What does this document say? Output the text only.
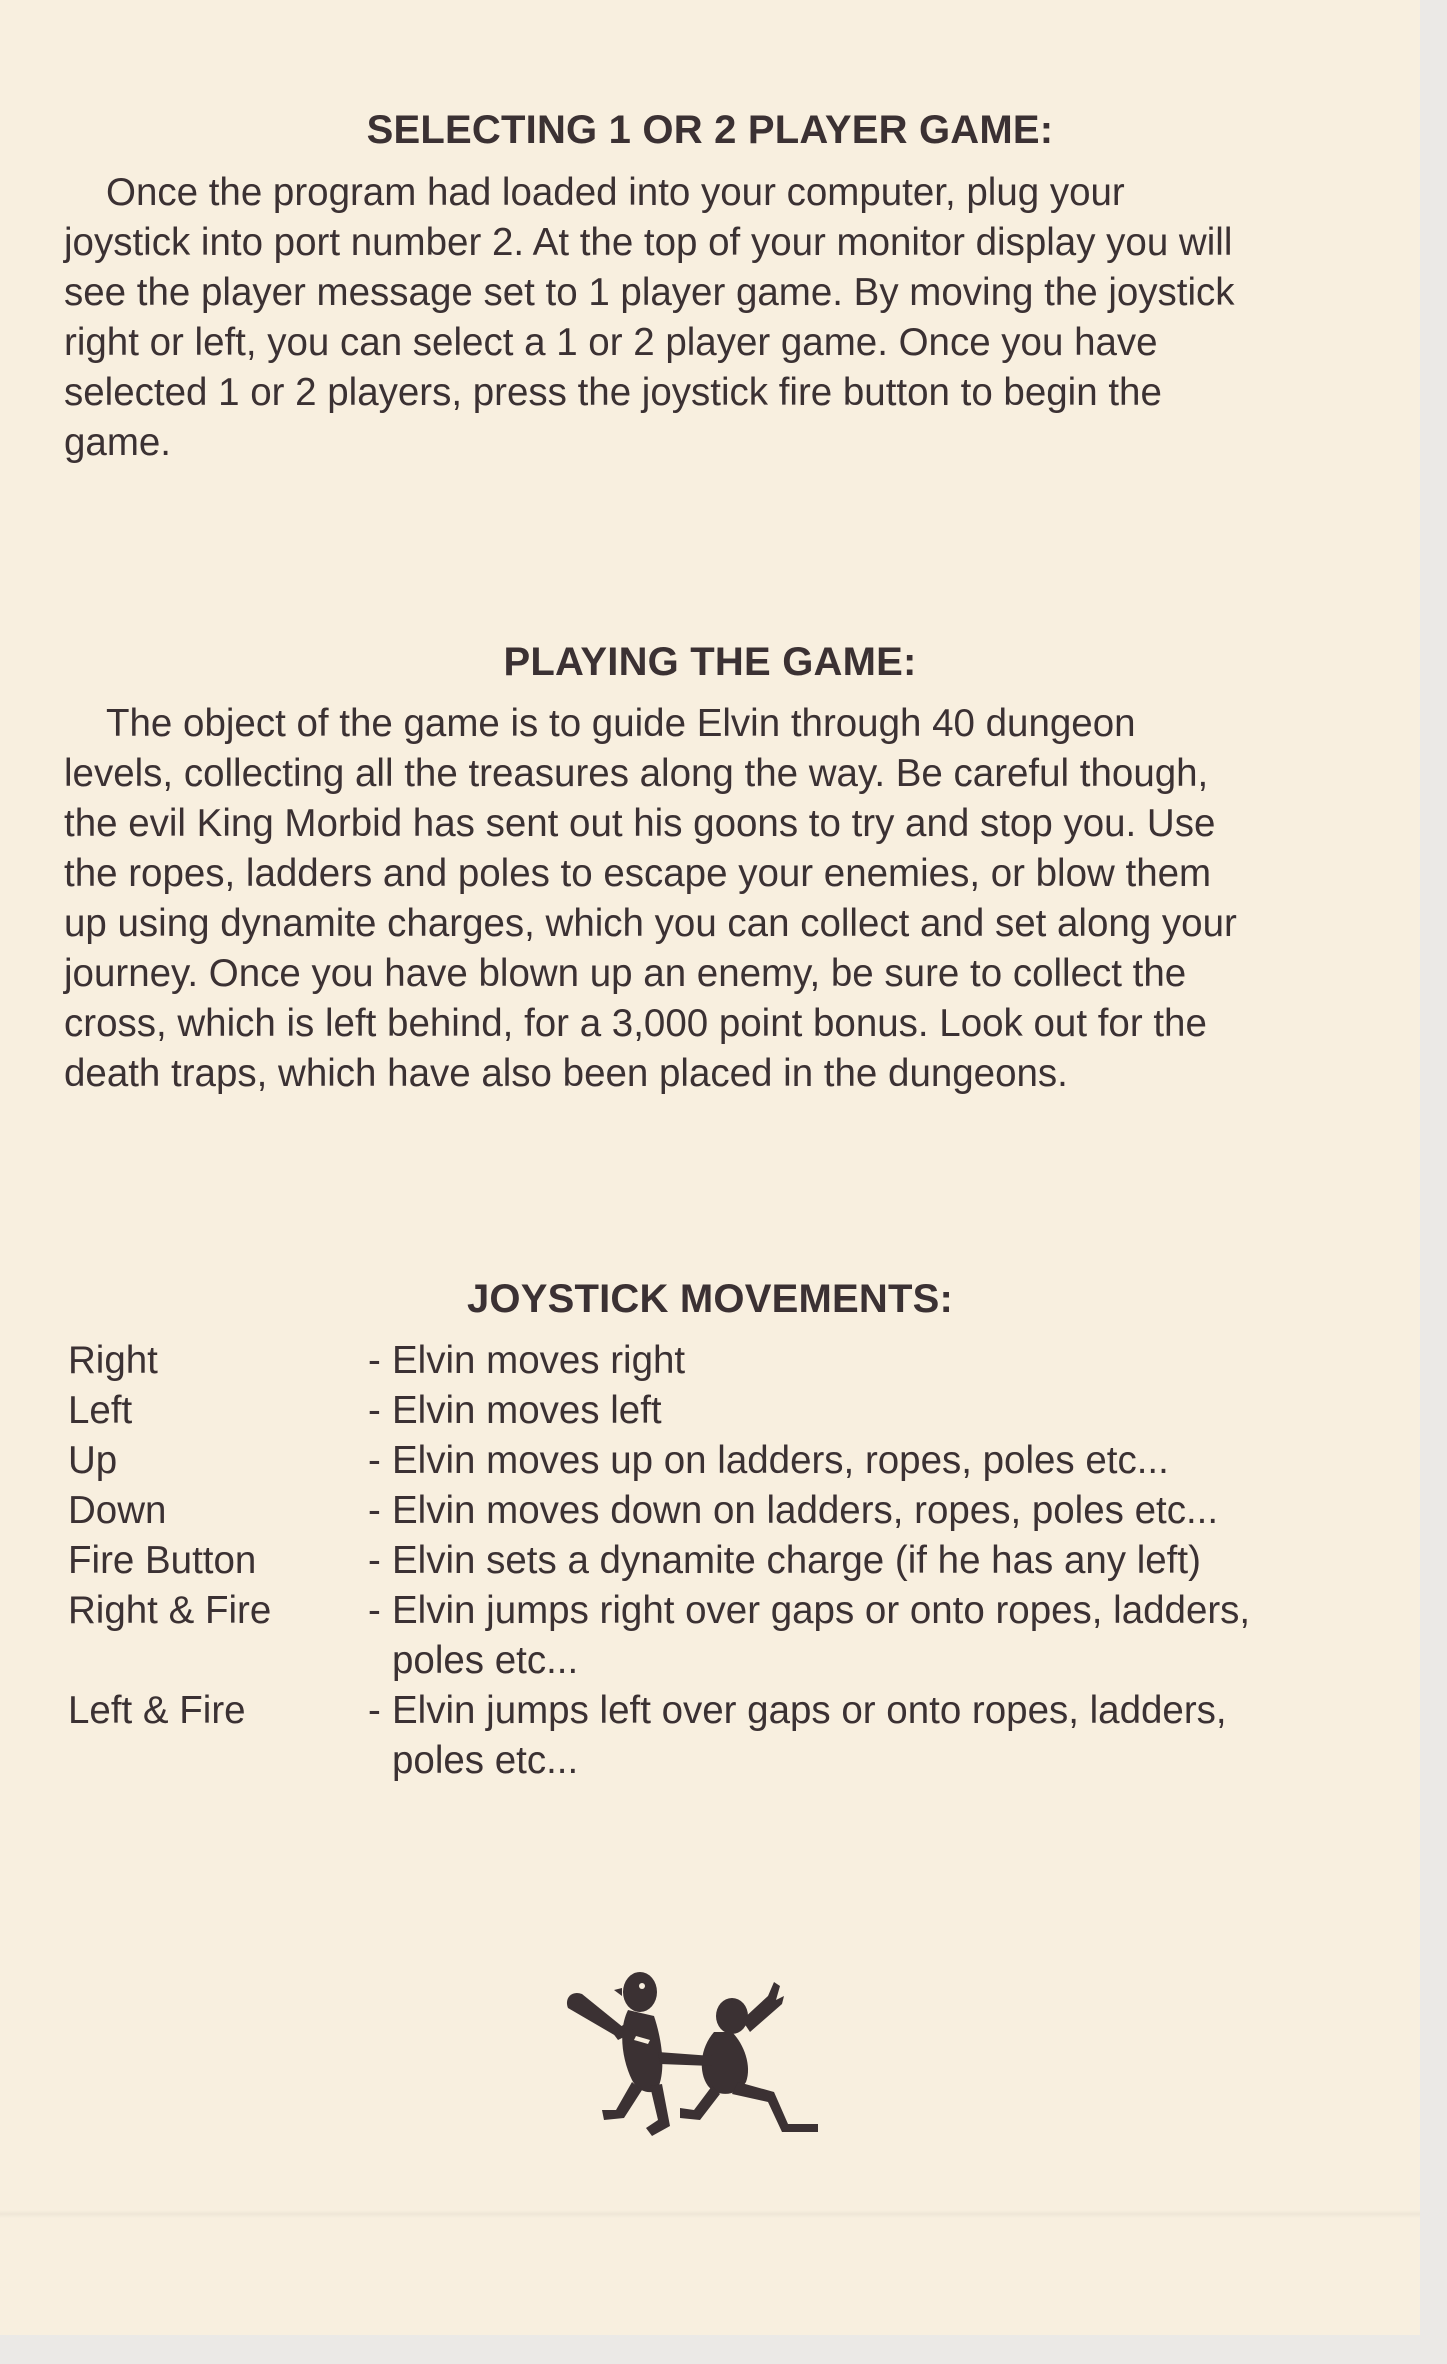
SELECTING 1 OR 2 PLAYER GAME:

Once the program had loaded into your computer, plug your

joystick into port number 2. At the top of your monitor display you will

see the player message set to 1 player game. By moving the joystick

right or left, you can select a 1 or 2 player game. Once you have

selected 1 or 2 players, press the joystick fire button to begin the

game.

PLAYING THE GAME:

The object of the game is to guide Elvin through 40 dungeon

levels, collecting all the treasures along the way. Be careful though,

the evil King Morbid has sent out his goons to try and stop you. Use

the ropes, ladders and poles to escape your enemies, or blow them

up using dynamite charges, which you can collect and set along your

journey. Once you have blown up an enemy, be sure to collect the

cross, which is left behind, for a 3,000 point bonus. Look out for the

death traps, which have also been placed in the dungeons.

JOYSTICK MOVEMENTS:
Right	- Elvin moves right
Left	- Elvin moves left
Up	- Elvin moves up on ladders, ropes, poles etc...
Down	- Elvin moves down on ladders, ropes, poles etc...
Fire Button	- Elvin sets a dynamite charge (if he has any left)
Right & Fire	- Elvin jumps right over gaps or onto ropes, ladders,
poles etc...
Left & Fire	- Elvin jumps left over gaps or onto ropes, ladders,
poles etc...
